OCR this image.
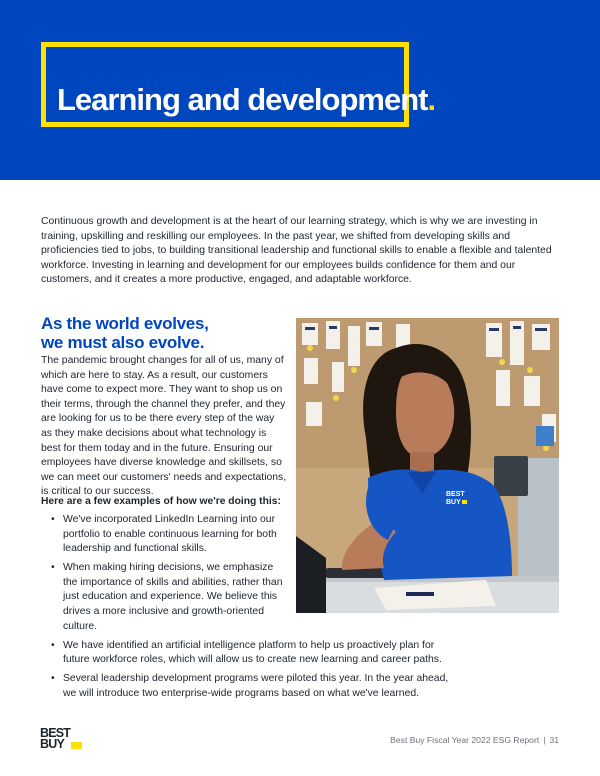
Learning and development.

Continuous growth and development is at the heart of our learning strategy, which is why we are investing in training, upskilling and reskilling our employees. In the past year, we shifted from developing skills and proficiencies tied to jobs, to building transitional leadership and functional skills to enable a flexible and talented workforce. Investing in learning and development for our employees builds confidence for them and our customers, and it creates a more productive, engaged, and adaptable workforce.

As the world evolves,
we must also evolve.

The pandemic brought changes for all of us, many of which are here to stay. As a result, our customers have come to expect more. They want to shop us on their terms, through the channel they prefer, and they are looking for us to be there every step of the way as they make decisions about what technology is best for them today and in the future. Ensuring our employees have diverse knowledge and skillsets, so we can meet our customers' needs and expectations, is critical to our success.

Here are a few examples of how we're doing this:

• We've incorporated LinkedIn Learning into our portfolio to enable continuous learning for both leadership and functional skills.
• When making hiring decisions, we emphasize the importance of skills and abilities, rather than just education and experience. We believe this drives a more inclusive and growth-oriented culture.
• We have identified an artificial intelligence platform to help us proactively plan for future workforce roles, which will allow us to create new learning and career paths.
• Several leadership development programs were piloted this year. In the year ahead, we will introduce two enterprise-wide programs based on what we've learned.
BEST
BUY
BEST
BUY	Best Buy Fiscal Year 2022 ESG Report | 31
